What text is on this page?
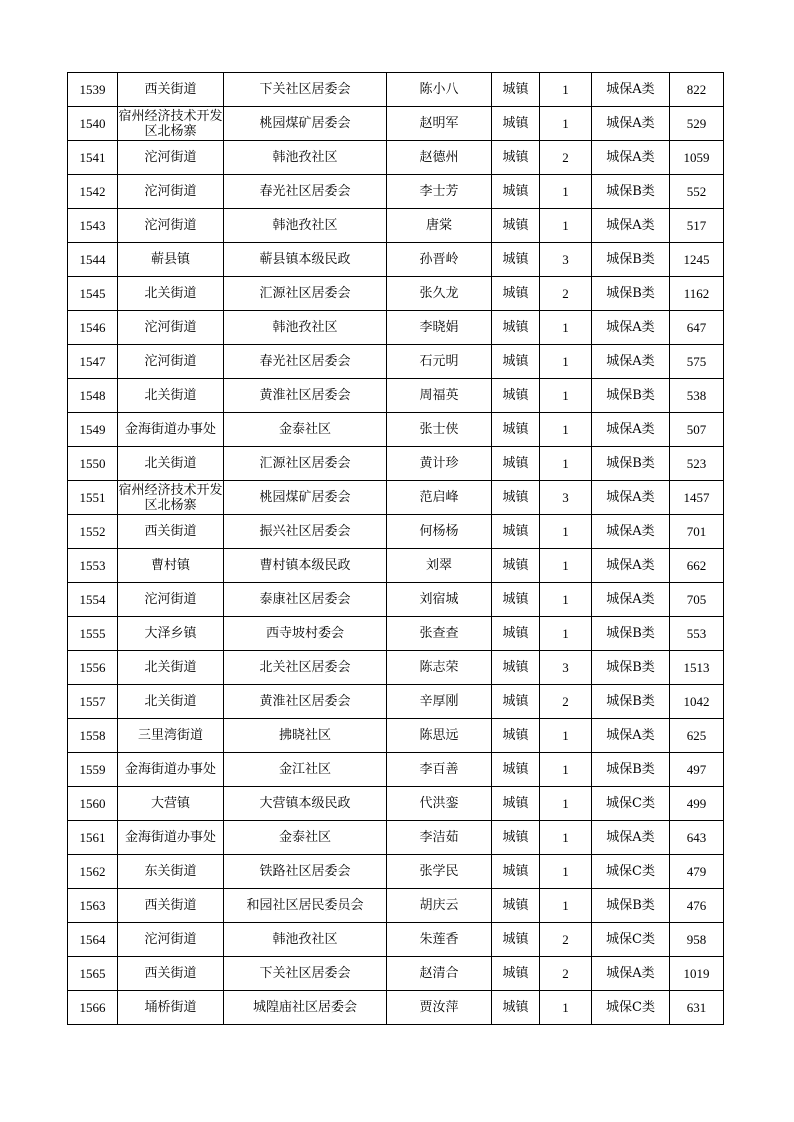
1539	西关街道	下关社区居委会	陈小八	城镇	1	城保A类	822
1540	宿州经济技术开发区北杨寨	桃园煤矿居委会	赵明军	城镇	1	城保A类	529
1541	沱河街道	韩池孜社区	赵德州	城镇	2	城保A类	1059
1542	沱河街道	春光社区居委会	李士芳	城镇	1	城保B类	552
1543	沱河街道	韩池孜社区	唐棠	城镇	1	城保A类	517
1544	蕲县镇	蕲县镇本级民政	孙晋岭	城镇	3	城保B类	1245
1545	北关街道	汇源社区居委会	张久龙	城镇	2	城保B类	1162
1546	沱河街道	韩池孜社区	李晓娟	城镇	1	城保A类	647
1547	沱河街道	春光社区居委会	石元明	城镇	1	城保A类	575
1548	北关街道	黄淮社区居委会	周福英	城镇	1	城保B类	538
1549	金海街道办事处	金泰社区	张士侠	城镇	1	城保A类	507
1550	北关街道	汇源社区居委会	黄计珍	城镇	1	城保B类	523
1551	宿州经济技术开发区北杨寨	桃园煤矿居委会	范启峰	城镇	3	城保A类	1457
1552	西关街道	振兴社区居委会	何杨杨	城镇	1	城保A类	701
1553	曹村镇	曹村镇本级民政	刘翠	城镇	1	城保A类	662
1554	沱河街道	泰康社区居委会	刘宿城	城镇	1	城保A类	705
1555	大泽乡镇	西寺坡村委会	张查查	城镇	1	城保B类	553
1556	北关街道	北关社区居委会	陈志荣	城镇	3	城保B类	1513
1557	北关街道	黄淮社区居委会	辛厚刚	城镇	2	城保B类	1042
1558	三里湾街道	拂晓社区	陈思远	城镇	1	城保A类	625
1559	金海街道办事处	金江社区	李百善	城镇	1	城保B类	497
1560	大营镇	大营镇本级民政	代洪銮	城镇	1	城保C类	499
1561	金海街道办事处	金泰社区	李洁茹	城镇	1	城保A类	643
1562	东关街道	铁路社区居委会	张学民	城镇	1	城保C类	479
1563	西关街道	和园社区居民委员会	胡庆云	城镇	1	城保B类	476
1564	沱河街道	韩池孜社区	朱莲香	城镇	2	城保C类	958
1565	西关街道	下关社区居委会	赵清合	城镇	2	城保A类	1019
1566	埇桥街道	城隍庙社区居委会	贾汝萍	城镇	1	城保C类	631
